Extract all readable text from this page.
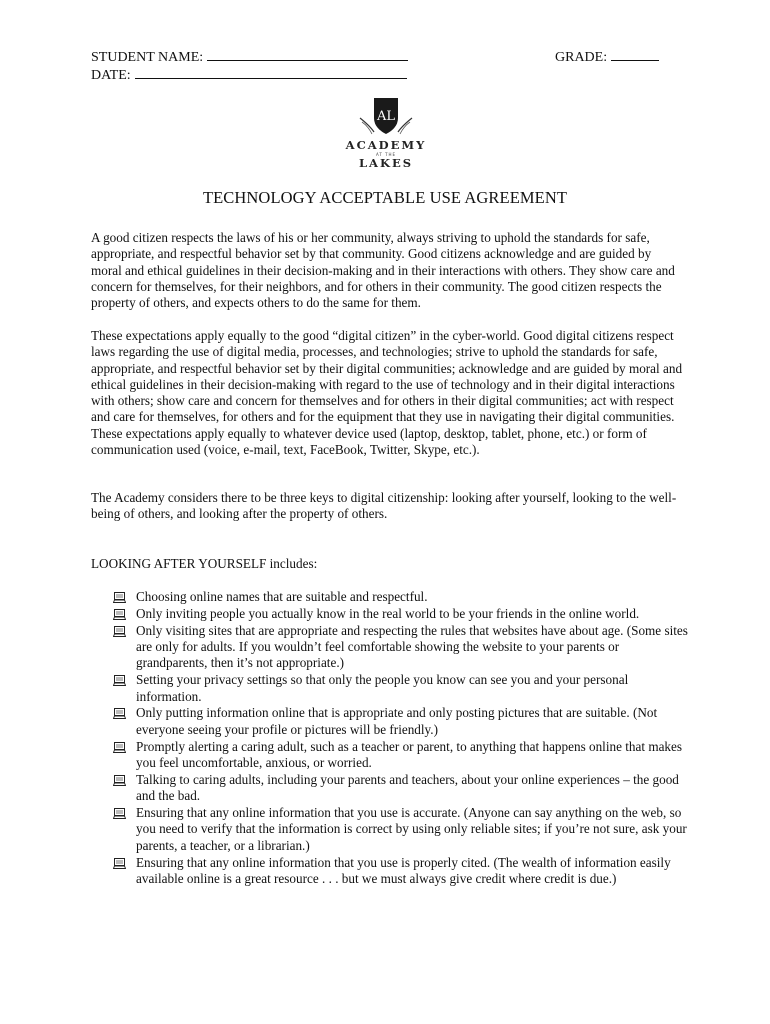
STUDENT NAME:	GRADE:
DATE:
AL
ACADEMY
AT THE
LAKES
TECHNOLOGY ACCEPTABLE USE AGREEMENT

A good citizen respects the laws of his or her community, always striving to uphold the standards for safe, appropriate, and respectful behavior set by that community. Good citizens acknowledge and are guided by moral and ethical guidelines in their decision-making and in their interactions with others. They show care and concern for themselves, for their neighbors, and for others in their community. The good citizen respects the property of others, and expects others to do the same for them.

These expectations apply equally to the good “digital citizen” in the cyber-world. Good digital citizens respect laws regarding the use of digital media, processes, and technologies; strive to uphold the standards for safe, appropriate, and respectful behavior set by their digital communities; acknowledge and are guided by moral and ethical guidelines in their decision-making with regard to the use of technology and in their digital interactions with others; show care and concern for themselves and for others in their digital communities; act with respect and care for themselves, for others and for the equipment that they use in navigating their digital communities. These expectations apply equally to whatever device used (laptop, desktop, tablet, phone, etc.) or form of communication used (voice, e-mail, text, FaceBook, Twitter, Skype, etc.).

The Academy considers there to be three keys to digital citizenship: looking after yourself, looking to the well-being of others, and looking after the property of others.

LOOKING AFTER YOURSELF includes:
Choosing online names that are suitable and respectful.
Only inviting people you actually know in the real world to be your friends in the online world.
Only visiting sites that are appropriate and respecting the rules that websites have about age. (Some sites are only for adults. If you wouldn’t feel comfortable showing the website to your parents or grandparents, then it’s not appropriate.)
Setting your privacy settings so that only the people you know can see you and your personal information.
Only putting information online that is appropriate and only posting pictures that are suitable. (Not everyone seeing your profile or pictures will be friendly.)
Promptly alerting a caring adult, such as a teacher or parent, to anything that happens online that makes you feel uncomfortable, anxious, or worried.
Talking to caring adults, including your parents and teachers, about your online experiences – the good and the bad.
Ensuring that any online information that you use is accurate. (Anyone can say anything on the web, so you need to verify that the information is correct by using only reliable sites; if you’re not sure, ask your parents, a teacher, or a librarian.)
Ensuring that any online information that you use is properly cited. (The wealth of information easily available online is a great resource . . . but we must always give credit where credit is due.)
